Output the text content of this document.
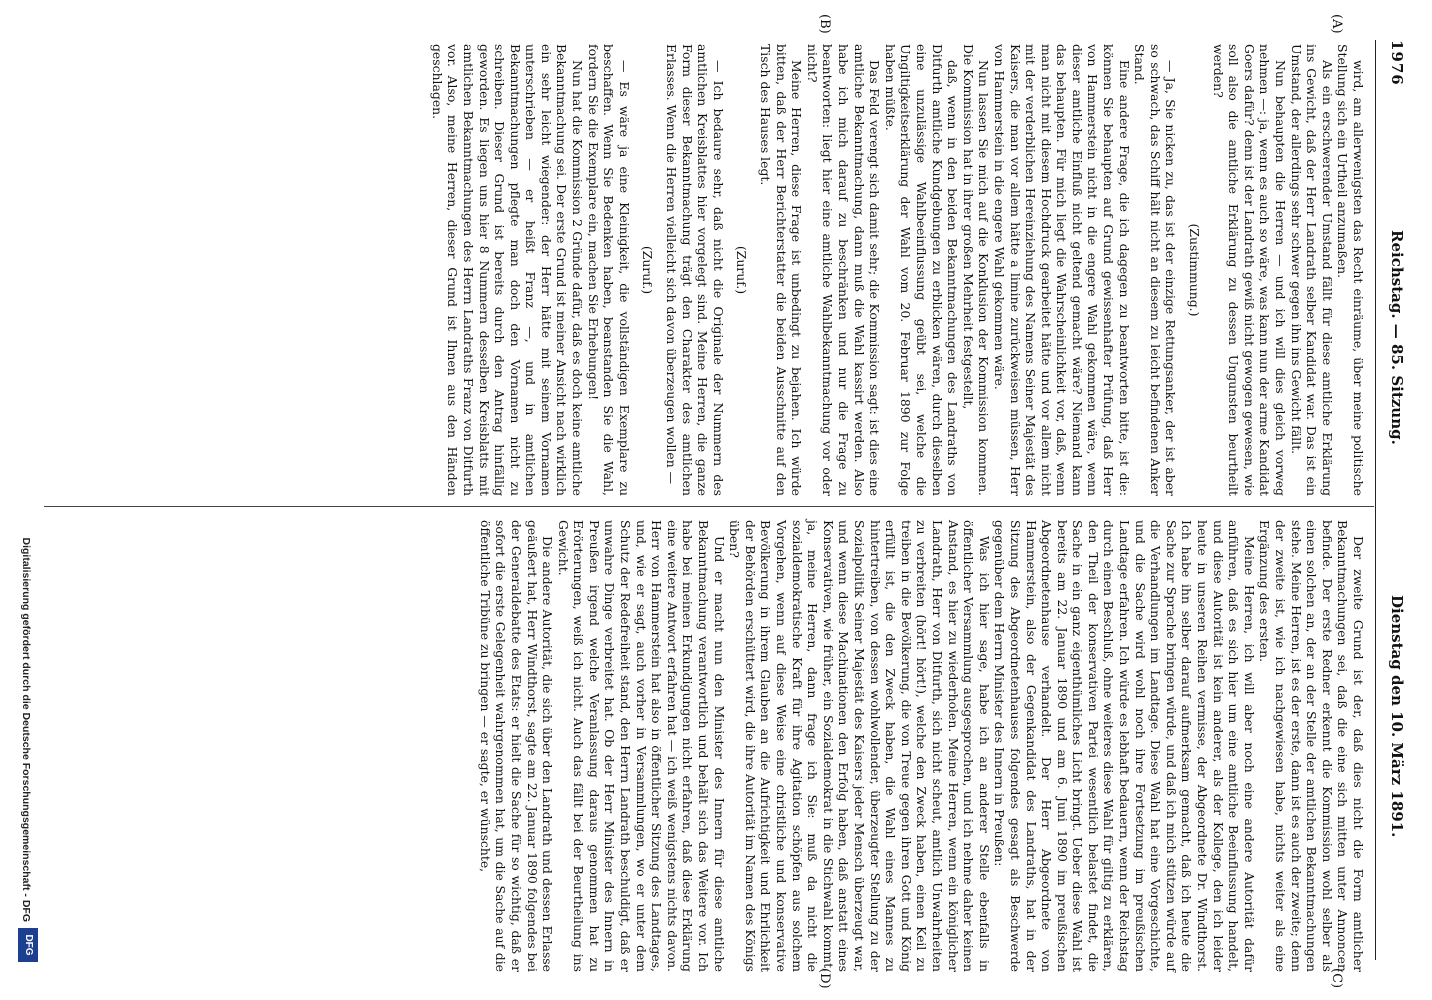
1976
Reichstag. — 85. Sitzung.
Dienstag den 10. März 1891.
(A)
(B)
(C)
(D)

wird, am allerwenigsten das Recht einräume, über meine politische Stellung sich ein Urtheil anzumaßen.

Als ein erschwerender Umstand fällt für diese amtliche Erklärung ins Gewicht, daß der Herr Landrath selber Kandidat war. Das ist ein Umstand, der allerdings sehr schwer gegen ihn ins Gewicht fällt.

Nun behaupten die Herren — und ich will dies gleich vorweg nehmen —: ja, wenn es auch so wäre, was kann nun der arme Kandidat Goers dafür? denn ist der Landrath gewiß nicht gewogen gewesen, wie soll also die amtliche Erklärung zu dessen Ungunsten beurtheilt werden?

(Zustimmung.)

— Ja, Sie nicken zu, das ist der einzige Rettungsanker, der ist aber so schwach, das Schiff hält nicht an diesem zu leicht befindenen Anker Stand.

Eine andere Frage, die ich dagegen zu beantworten bitte, ist die: können Sie behaupten auf Grund gewissenhafter Prüfung, daß Herr von Hammerstein nicht in die engere Wahl gekommen wäre, wenn dieser amtliche Einfluß nicht geltend gemacht wäre? Niemand kann das behaupten. Für mich liegt die Wahrscheinlichkeit vor, daß, wenn man nicht mit diesem Hochdruck gearbeitet hätte und vor allem nicht mit der verderblichen Hereinziehung des Namens Seiner Majestät des Kaisers, die man vor allem hätte a limine zurückweisen müssen, Herr von Hammerstein in die engere Wahl gekommen wäre.

Nun lassen Sie mich auf die Konklusion der Kommission kommen. Die Kommission hat in ihrer großen Mehrheit festgestellt,

daß, wenn in den beiden Bekanntmachungen des Landraths von Ditfurth amtliche Kundgebungen zu erblicken wären, durch dieselben eine unzulässige Wahlbeeinflussung geübt sei, welche die Ungiltigkeitserklärung der Wahl vom 20. Februar 1890 zur Folge haben müßte.

Das Feld verengt sich damit sehr; die Kommission sagt: ist dies eine amtliche Bekanntmachung, dann muß die Wahl kassirt werden. Also habe ich mich darauf zu beschränken und nur die Frage zu beantworten: liegt hier eine amtliche Wahlbekanntmachung vor oder nicht?

Meine Herren, diese Frage ist unbedingt zu bejahen. Ich würde bitten, daß der Herr Berichterstatter die beiden Ausschnitte auf den Tisch des Hauses legt.

(Zuruf.)

— Ich bedaure sehr, daß nicht die Originale der Nummern des amtlichen Kreisblattes hier vorgelegt sind. Meine Herren, die ganze Form dieser Bekanntmachung trägt den Charakter des amtlichen Erlasses. Wenn die Herren vielleicht sich davon überzeugen wollen —

(Zuruf.)

— Es wäre ja eine Kleinigkeit, die vollständigen Exemplare zu beschaffen. Wenn Sie Bedenken haben, beanstanden Sie die Wahl, fordern Sie die Exemplare ein, machen Sie Erhebungen!

Nun hat die Kommission 2 Gründe dafür, daß es doch keine amtliche Bekanntmachung sei. Der erste Grund ist meiner Ansicht nach wirklich ein sehr leicht wiegender: der Herr hätte mit seinem Vornamen unterschrieben — er heißt Franz —, und in amtlichen Bekanntmachungen pflegte man doch den Vornamen nicht zu schreiben. Dieser Grund ist bereits durch den Antrag hinfällig geworden. Es liegen uns hier 8 Nummern desselben Kreisblatts mit amtlichen Bekanntmachungen des Herrn Landraths Franz von Ditfurth vor. Also, meine Herren, dieser Grund ist Ihnen aus den Händen geschlagen.

Der zweite Grund ist der, daß dies nicht die Form amtlicher Bekanntmachungen sei, daß die eine sich mitten unter Annoncen befinde. Der erste Redner erkennt die Kommission wohl selber als einen solchen an, der an der Stelle der amtlichen Bekanntmachungen stehe. Meine Herren, ist es der erste, dann ist es auch der zweite; denn der zweite ist, wie ich nachgewiesen habe, nichts weiter als eine Ergänzung des ersten.

Meine Herren, ich will aber noch eine andere Autorität dafür anführen, daß es sich hier um eine amtliche Beeinflussung handelt, und diese Autorität ist kein anderer, als der Kollege, den ich leider heute in unseren Reihen vermisse, der Abgeordnete Dr. Windthorst. Ich habe ihn selber darauf aufmerksam gemacht, daß ich heute die Sache zur Sprache bringen würde, und daß ich mich stützen würde auf die Verhandlungen im Landtage. Diese Wahl hat eine Vorgeschichte, und die Sache wird wohl noch ihre Fortsetzung im preußischen Landtage erfahren. Ich würde es lebhaft bedauern, wenn der Reichstag durch einen Beschluß, ohne weiteres diese Wahl für giltig zu erklären, den Theil der konservativen Partei wesentlich belastet findet, die Sache in ein ganz eigenthümliches Licht bringt. Ueber diese Wahl ist bereits am 22. Januar 1890 und am 6. Juni 1890 im preußischen Abgeordnetenhause verhandelt. Der Herr Abgeordnete von Hammerstein, also der Gegenkandidat des Landraths, hat in der Sitzung des Abgeordnetenhauses folgendes gesagt als Beschwerde gegenüber dem Herrn Minister des Innern in Preußen:

Was ich hier sage, habe ich an anderer Stelle ebenfalls in öffentlicher Versammlung ausgesprochen, und ich nehme daher keinen Anstand, es hier zu wiederholen. Meine Herren, wenn ein königlicher Landrath, Herr von Ditfurth, sich nicht scheut, amtlich Unwahrheiten zu verbreiten (hört! hört!), welche den Zweck haben, einen Keil zu treiben in die Bevölkerung, die von Treue gegen ihren Gott und König erfüllt ist, die den Zweck haben, die Wahl eines Mannes zu hintertreiben, von dessen wohlwollender, überzeugter Stellung zu der Sozialpolitik Seiner Majestät des Kaisers jeder Mensch überzeugt war, und wenn diese Machinationen den Erfolg haben, daß anstatt eines Konservativen, wie früher, ein Sozialdemokrat in die Stichwahl kommt, ja, meine Herren, dann frage ich Sie: muß da nicht die sozialdemokratische Kraft für ihre Agitation schöpfen aus solchem Vorgehen, wenn auf diese Weise eine christliche und konservative Bevölkerung in ihrem Glauben an die Aufrichtigkeit und Ehrlichkeit der Behörden erschüttert wird, die ihre Autorität im Namen des Königs üben?

Und er macht nun den Minister des Innern für diese amtliche Bekanntmachung verantwortlich und behält sich das Weitere vor. Ich habe bei meinen Erkundigungen nicht erfahren, daß diese Erklärung eine weitere Antwort erfahren hat — ich weiß wenigstens nichts davon. Herr von Hammerstein hat also in öffentlicher Sitzung des Landtages, und, wie er sagt, auch vorher in Versammlungen, wo er unter dem Schutz der Redefreiheit stand, den Herrn Landrath beschuldigt, daß er unwahre Dinge verbreitet hat. Ob der Herr Minister des Innern in Preußen irgend welche Veranlassung daraus genommen hat zu Erörterungen, weiß ich nicht. Auch das fällt bei der Beurtheilung ins Gewicht.

Die andere Autorität, die sich über den Landrath und dessen Erlasse geäußert hat, Herr Windthorst, sagte am 22. Januar 1890 folgendes bei der Generaldebatte des Etats: er hielt die Sache für so wichtig, daß er sofort die erste Gelegenheit wahrgenommen hat, um die Sache auf die öffentliche Tribüne zu bringen — er sagte, er wünschte,

Digitalisierung gefördert durch die Deutsche Forschungsgemeinschaft - DFG
DFG
